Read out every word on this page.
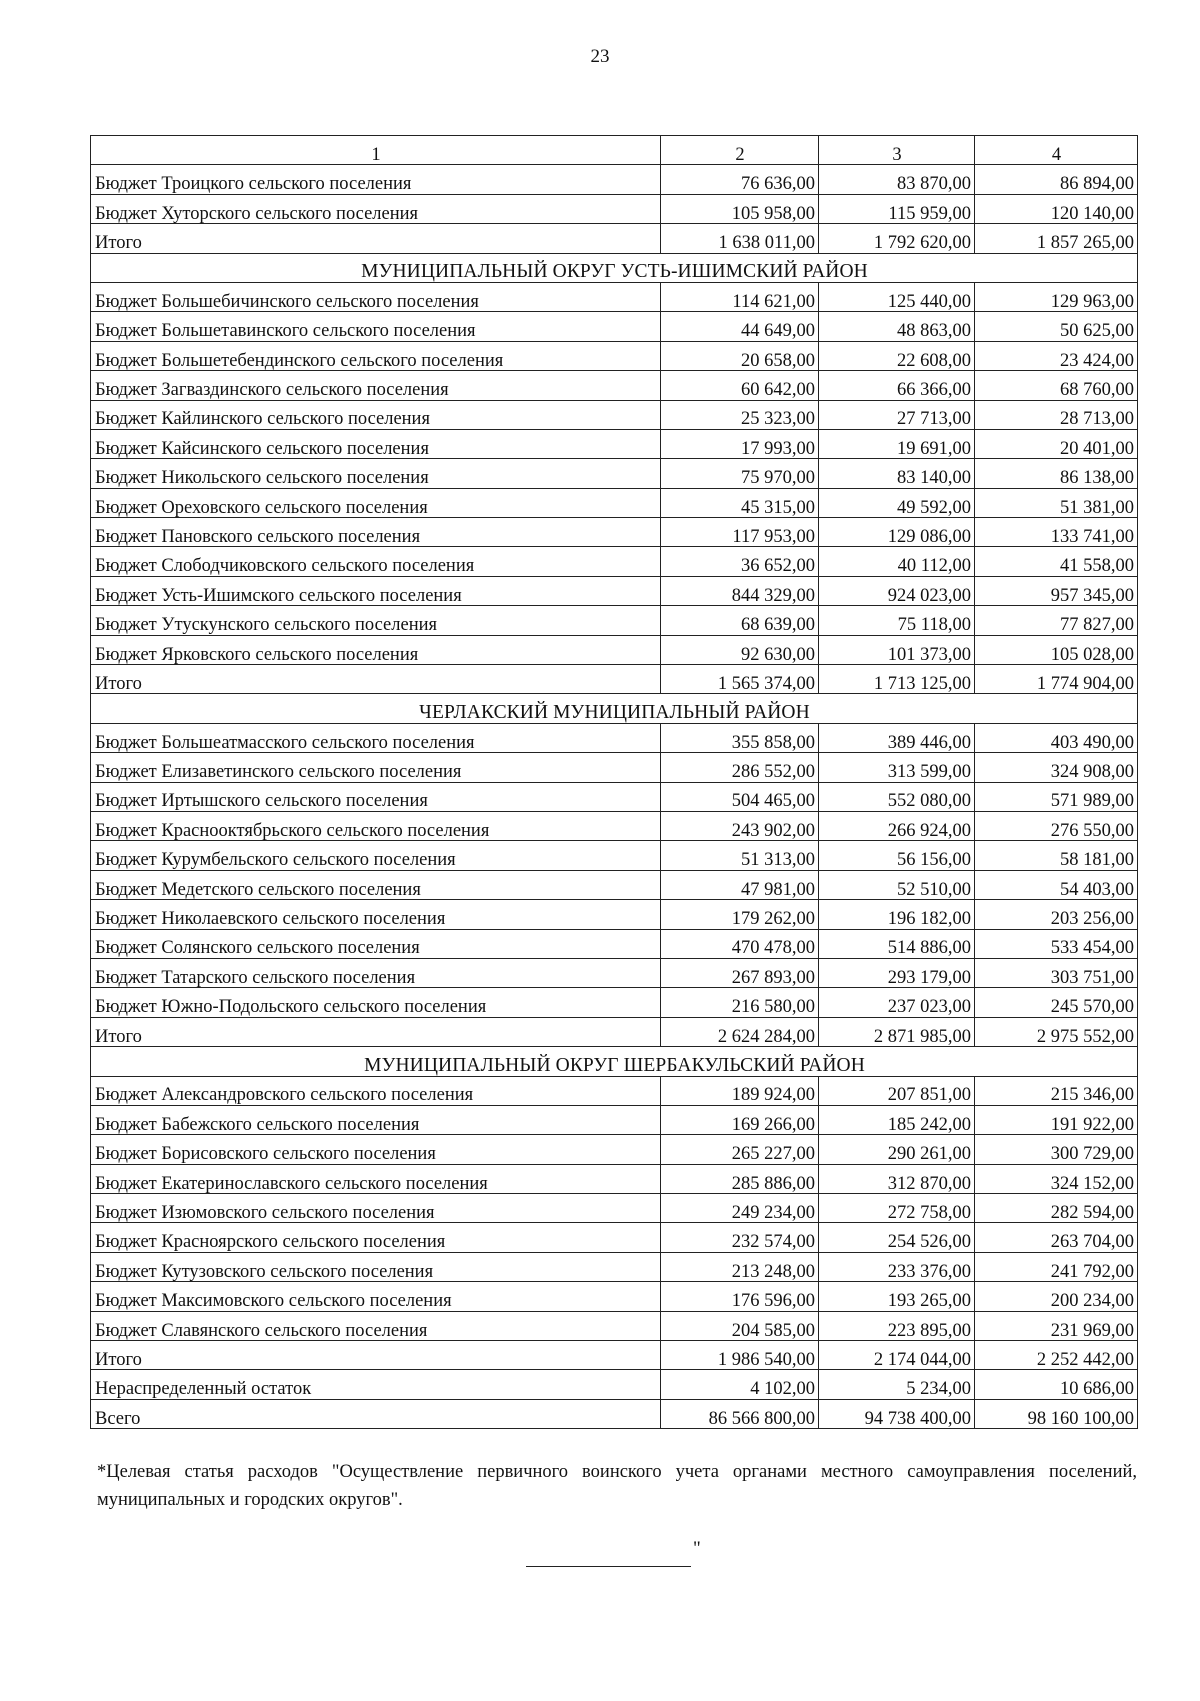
23
1	2	3	4
Бюджет Троицкого сельского поселения	76 636,00	83 870,00	86 894,00
Бюджет Хуторского сельского поселения	105 958,00	115 959,00	120 140,00
Итого	1 638 011,00	1 792 620,00	1 857 265,00
МУНИЦИПАЛЬНЫЙ ОКРУГ УСТЬ-ИШИМСКИЙ РАЙОН			
Бюджет Большебичинского сельского поселения	114 621,00	125 440,00	129 963,00
Бюджет Большетавинского сельского поселения	44 649,00	48 863,00	50 625,00
Бюджет Большетебендинского сельского поселения	20 658,00	22 608,00	23 424,00
Бюджет Загваздинского сельского поселения	60 642,00	66 366,00	68 760,00
Бюджет Кайлинского сельского поселения	25 323,00	27 713,00	28 713,00
Бюджет Кайсинского сельского поселения	17 993,00	19 691,00	20 401,00
Бюджет Никольского сельского поселения	75 970,00	83 140,00	86 138,00
Бюджет Ореховского сельского поселения	45 315,00	49 592,00	51 381,00
Бюджет Пановского сельского поселения	117 953,00	129 086,00	133 741,00
Бюджет Слободчиковского сельского поселения	36 652,00	40 112,00	41 558,00
Бюджет Усть-Ишимского сельского поселения	844 329,00	924 023,00	957 345,00
Бюджет Утускунского сельского поселения	68 639,00	75 118,00	77 827,00
Бюджет Ярковского сельского поселения	92 630,00	101 373,00	105 028,00
Итого	1 565 374,00	1 713 125,00	1 774 904,00
ЧЕРЛАКСКИЙ МУНИЦИПАЛЬНЫЙ РАЙОН			
Бюджет Большеатмасского сельского поселения	355 858,00	389 446,00	403 490,00
Бюджет Елизаветинского сельского поселения	286 552,00	313 599,00	324 908,00
Бюджет Иртышского сельского поселения	504 465,00	552 080,00	571 989,00
Бюджет Краснооктябрьского сельского поселения	243 902,00	266 924,00	276 550,00
Бюджет Курумбельского сельского поселения	51 313,00	56 156,00	58 181,00
Бюджет Медетского сельского поселения	47 981,00	52 510,00	54 403,00
Бюджет Николаевского сельского поселения	179 262,00	196 182,00	203 256,00
Бюджет Солянского сельского поселения	470 478,00	514 886,00	533 454,00
Бюджет Татарского сельского поселения	267 893,00	293 179,00	303 751,00
Бюджет Южно-Подольского сельского поселения	216 580,00	237 023,00	245 570,00
Итого	2 624 284,00	2 871 985,00	2 975 552,00
МУНИЦИПАЛЬНЫЙ ОКРУГ ШЕРБАКУЛЬСКИЙ РАЙОН			
Бюджет Александровского сельского поселения	189 924,00	207 851,00	215 346,00
Бюджет Бабежского сельского поселения	169 266,00	185 242,00	191 922,00
Бюджет Борисовского сельского поселения	265 227,00	290 261,00	300 729,00
Бюджет Екатеринославского сельского поселения	285 886,00	312 870,00	324 152,00
Бюджет Изюмовского сельского поселения	249 234,00	272 758,00	282 594,00
Бюджет Красноярского сельского поселения	232 574,00	254 526,00	263 704,00
Бюджет Кутузовского сельского поселения	213 248,00	233 376,00	241 792,00
Бюджет Максимовского сельского поселения	176 596,00	193 265,00	200 234,00
Бюджет Славянского сельского поселения	204 585,00	223 895,00	231 969,00
Итого	1 986 540,00	2 174 044,00	2 252 442,00
Нераспределенный остаток	4 102,00	5 234,00	10 686,00
Всего	86 566 800,00	94 738 400,00	98 160 100,00
*Целевая статья расходов "Осуществление первичного воинского учета органами местного самоуправления поселений, муниципальных и городских округов".
"
